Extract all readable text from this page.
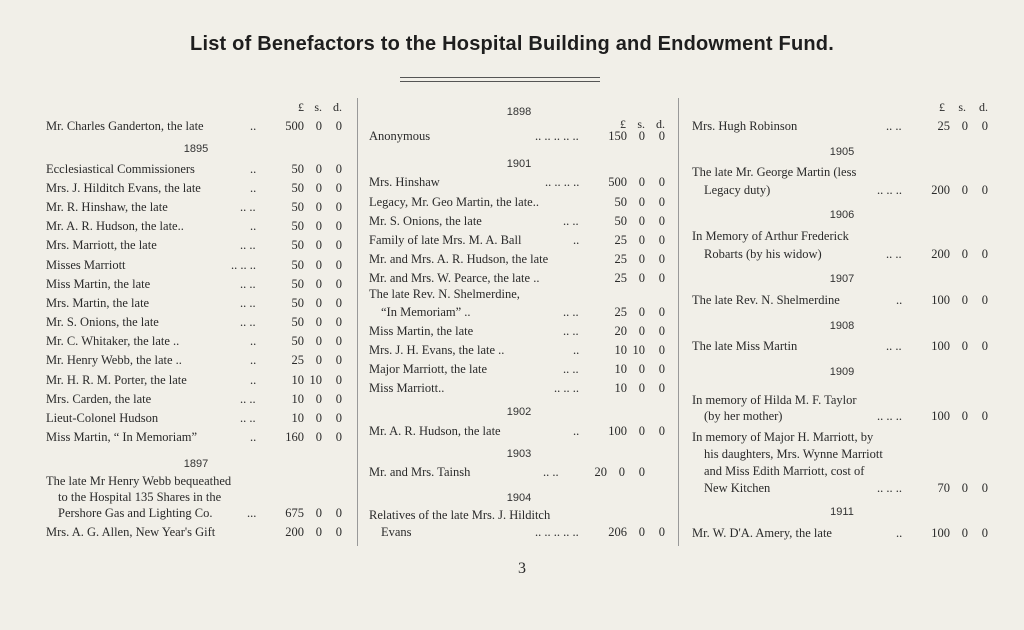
List of Benefactors to the Hospital Building and Endowment Fund.
£ s. d.
Mr. Charles Ganderton, the late	..	500 0	0
1895
Ecclesiastical Commissioners	..	50 0	0
Mrs. J. Hilditch Evans, the late	..	50 0	0
Mr. R. Hinshaw, the late	.. ..	50 0	0
Mr. A. R. Hudson, the late..	..	50 0	0
Mrs. Marriott, the late	.. ..	50 0	0
Misses Marriott	.. .. ..	50 0	0
Miss Martin, the late	.. ..	50 0	0
Mrs. Martin, the late	.. ..	50 0	0
Mr. S. Onions, the late	.. ..	50 0	0
Mr. C. Whitaker, the late ..	..	50 0	0
Mr. Henry Webb, the late ..	..	25 0	0
Mr. H. R. M. Porter, the late	..	10 10	0
Mrs. Carden, the late	.. ..	10 0	0
Lieut-Colonel Hudson	.. ..	10 0	0
Miss Martin, “ In Memoriam”	..	160 0	0
1897
The late Mr Henry Webb bequeathed
to the Hospital 135 Shares in the
Pershore Gas and Lighting Co.	...	675 0	0
Mrs. A. G. Allen, New Year's Gift	200 0	0
1898
£ s. d.
Anonymous	.. .. .. .. ..	150 0	0
1901
Mrs. Hinshaw	.. .. .. ..	500 0	0
Legacy, Mr. Geo Martin, the late..	50 0	0
Mr. S. Onions, the late	.. ..	50 0	0
Family of late Mrs. M. A. Ball	..	25 0	0
Mr. and Mrs. A. R. Hudson, the late	25 0	0
Mr. and Mrs. W. Pearce, the late ..	25 0	0
The late Rev. N. Shelmerdine,
“In Memoriam” ..	.. ..	25 0	0
Miss Martin, the late	.. ..	20 0	0
Mrs. J. H. Evans, the late ..	..	10 10	0
Major Marriott, the late	.. ..	10 0	0
Miss Marriott..	.. .. ..	10 0	0
1902
Mr. A. R. Hudson, the late	..	100 0	0
1903
Mr. and Mrs. Tainsh	.. ..	20 0	0
1904
Relatives of the late Mrs. J. Hilditch
Evans	.. .. .. .. ..	206 0	0
£	s.	d.
Mrs. Hugh Robinson	.. ..	25 0	0
1905
The late Mr. George Martin (less
Legacy duty)	.. .. ..	200 0	0
1906
In Memory of Arthur Frederick
Robarts (by his widow)	.. ..	200 0	0
1907
The late Rev. N. Shelmerdine	..	100 0	0
1908
The late Miss Martin	.. ..	100 0	0
1909
In memory of Hilda M. F. Taylor
(by her mother)	.. .. ..	100 0	0
In memory of Major H. Marriott, by
his daughters, Mrs. Wynne Marriott
and Miss Edith Marriott, cost of
New Kitchen	.. .. ..	70 0	0
1911
Mr. W. D'A. Amery, the late	..	100 0	0
3
